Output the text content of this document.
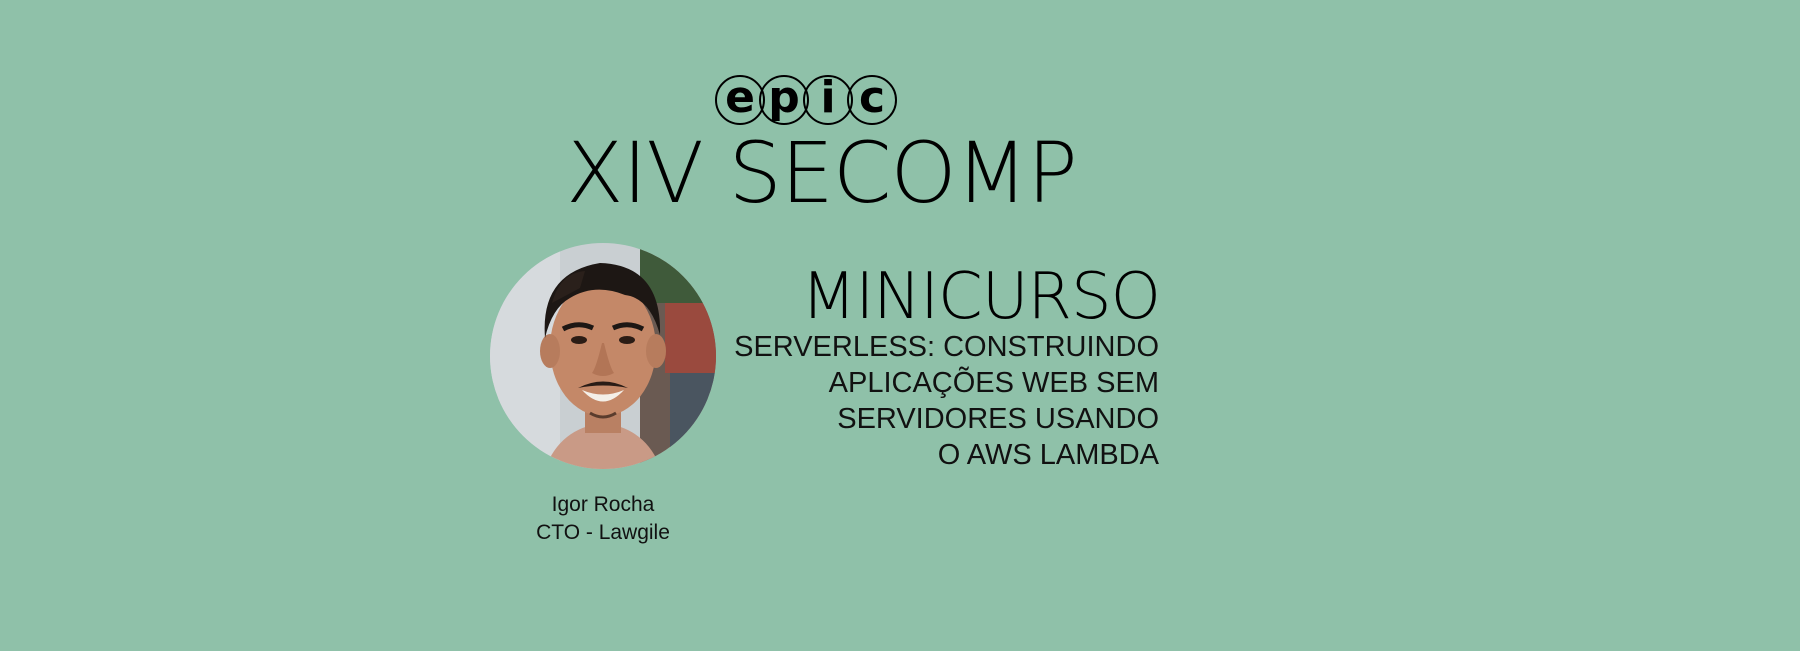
e p i c
XIV SECOMP
Igor Rocha
CTO - Lawgile
MINICURSO
SERVERLESS: CONSTRUINDO
APLICAÇÕES WEB SEM
SERVIDORES USANDO
O AWS LAMBDA
